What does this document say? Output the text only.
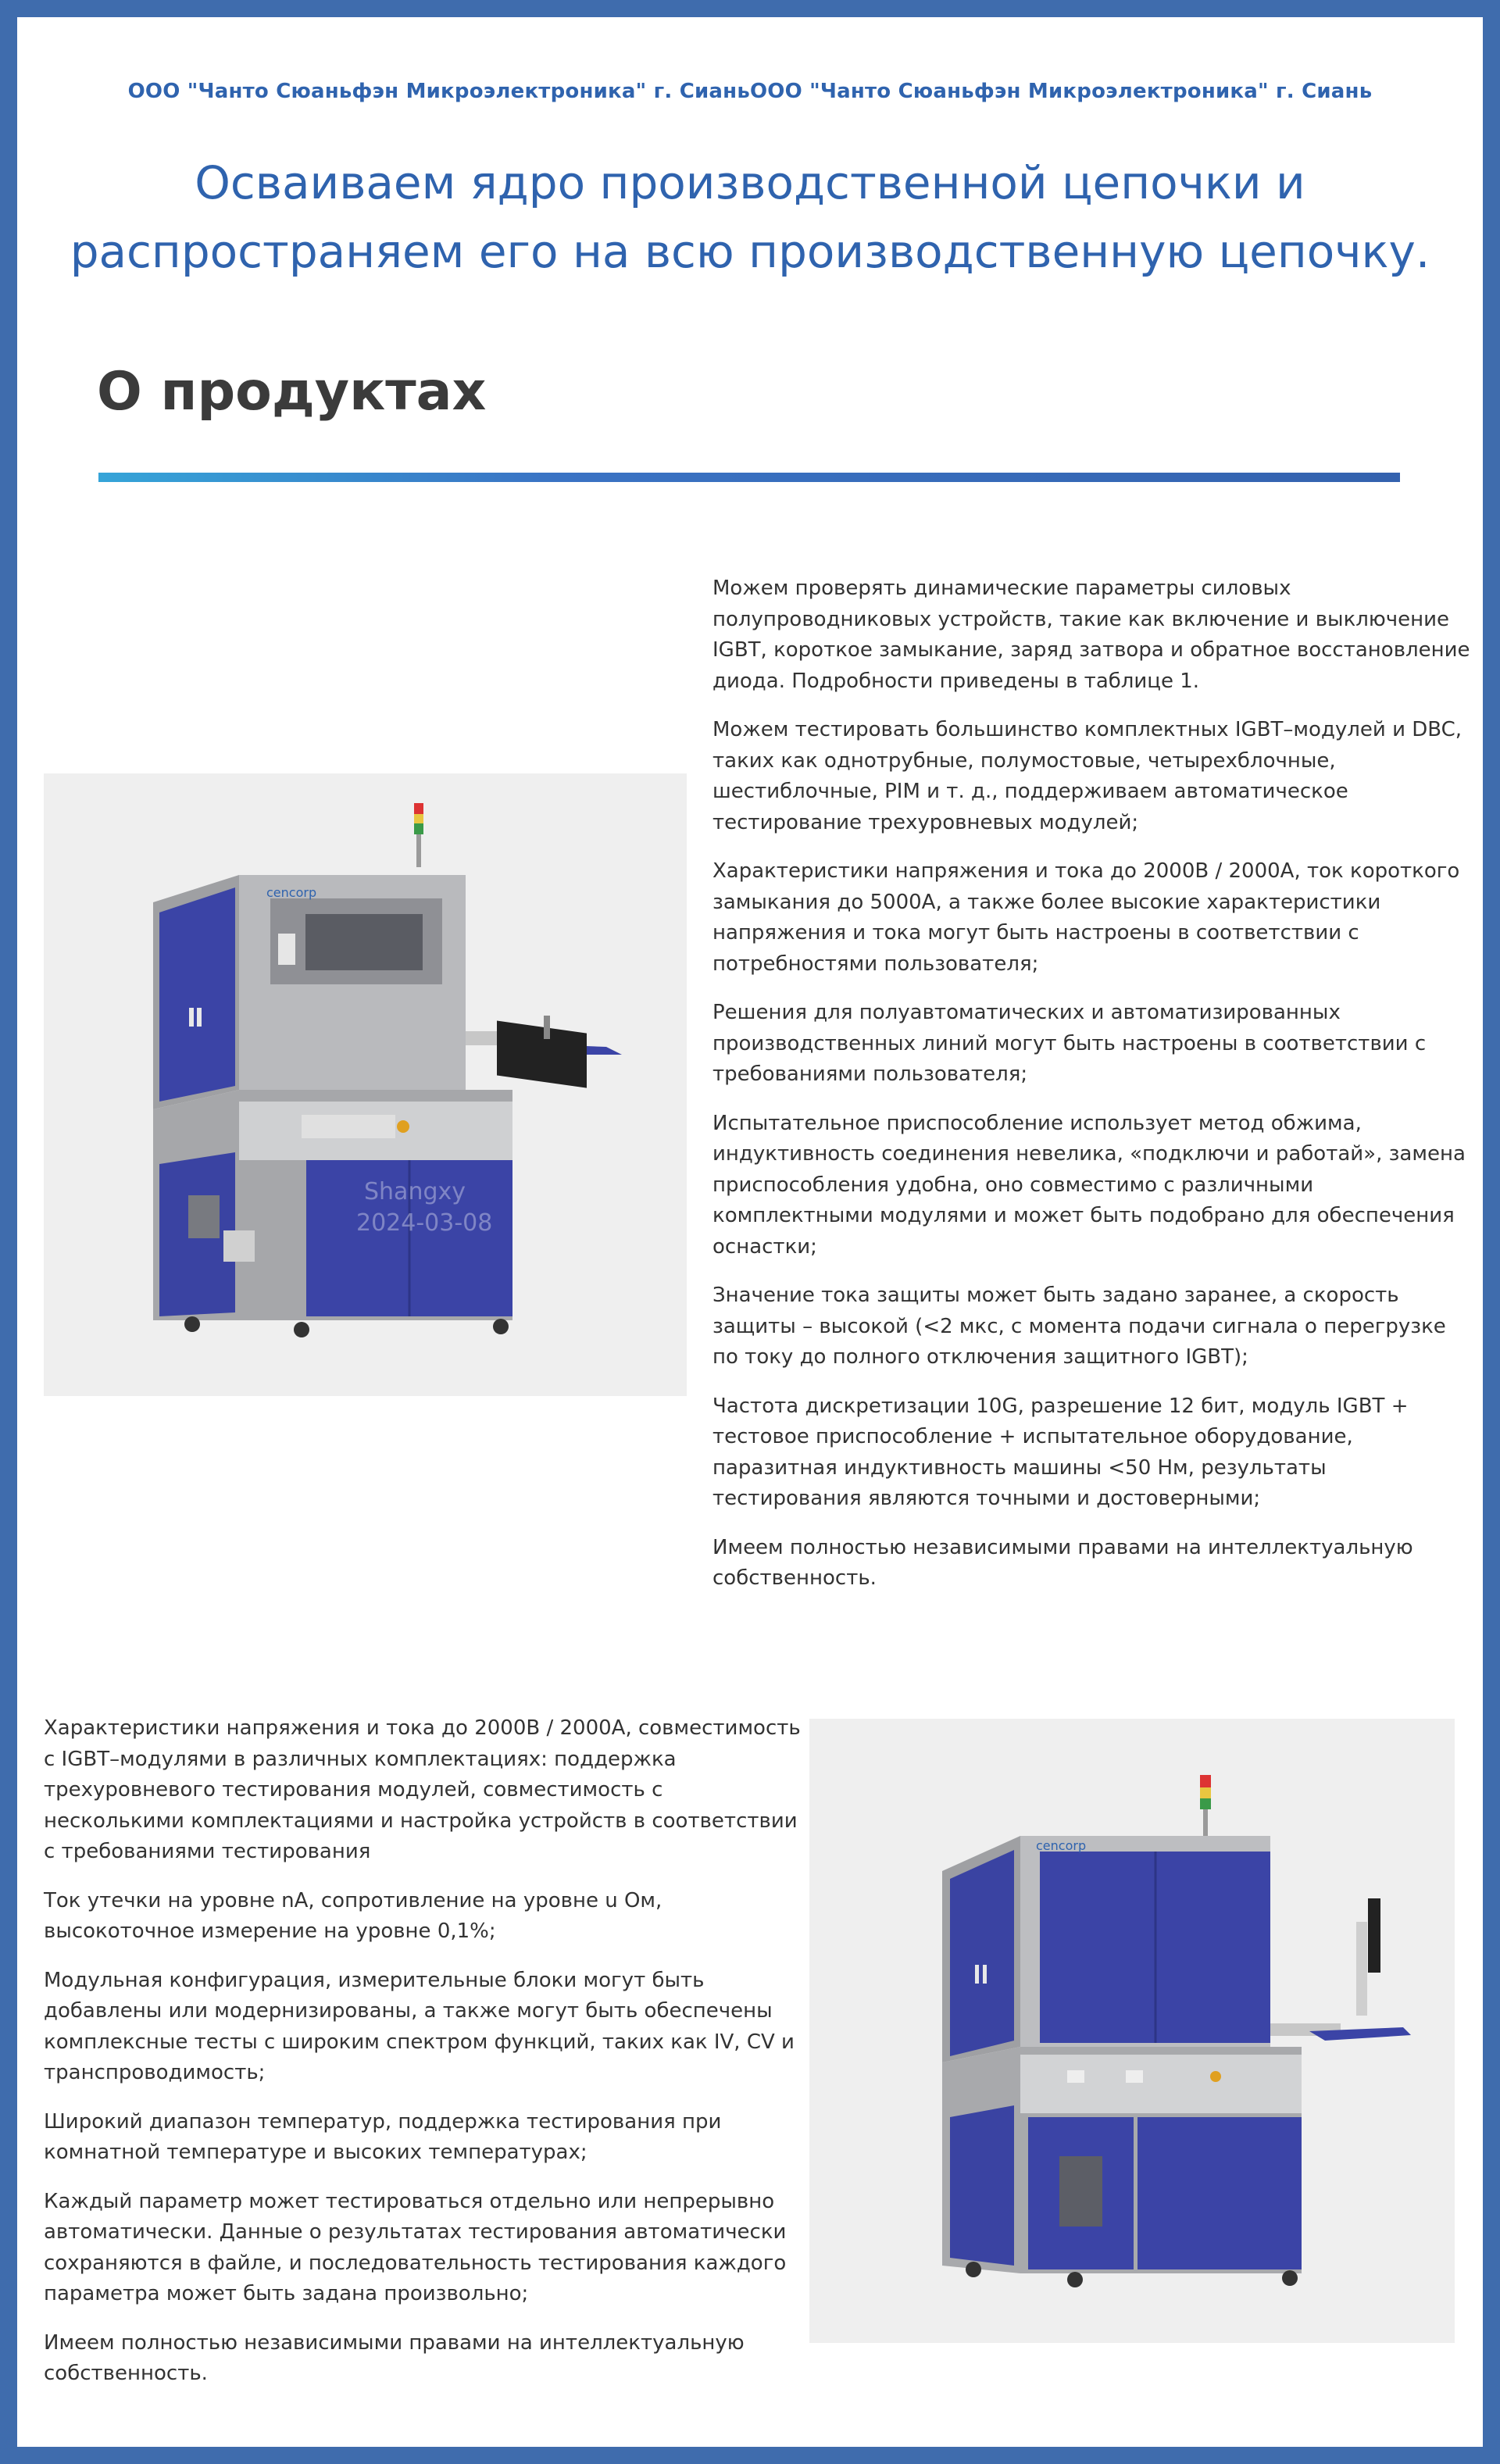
ООО "Чанто Сюаньфэн Микроэлектроника" г. СианьООО "Чанто Сюаньфэн Микроэлектроника" г. Сиань
Осваиваем ядро производственной цепочки и
распространяем его на всю производственную цепочку.
О продуктах
Shangxy
2024-03-08
cencorp

Можем проверять динамические параметры силовых полупроводниковых устройств, такие как включение и выключение IGBT, короткое замыкание, заряд затвора и обратное восстановление диода. Подробности приведены в таблице 1.

Можем тестировать большинство комплектных IGBT–модулей и DBC, таких как однотрубные, полумостовые, четырехблочные, шестиблочные, PIM и т. д., поддерживаем автоматическое тестирование трехуровневых модулей;

Характеристики напряжения и тока до 2000В / 2000А, ток короткого замыкания до 5000А, а также более высокие характеристики напряжения и тока могут быть настроены в соответствии с потребностями пользователя;

Решения для полуавтоматических и автоматизированных производственных линий могут быть настроены в соответствии с требованиями пользователя;

Испытательное приспособление использует метод обжима, индуктивность соединения невелика, «подключи и работай», замена приспособления удобна, оно совместимо с различными комплектными модулями и может быть подобрано для обеспечения оснастки;

Значение тока защиты может быть задано заранее, а скорость защиты – высокой (<2 мкс, с момента подачи сигнала о перегрузке по току до полного отключения защитного IGBT);

Частота дискретизации 10G, разрешение 12 бит, модуль IGBT + тестовое приспособление + испытательное оборудование, паразитная индуктивность машины <50 Нм, результаты тестирования являются точными и достоверными;

Имеем полностью независимыми правами на интеллектуальную собственность.

Характеристики напряжения и тока до 2000В / 2000А, совместимость с IGBT–модулями в различных комплектациях: поддержка трехуровневого тестирования модулей, совместимость с несколькими комплектациями и настройка устройств в соответствии с требованиями тестирования

Ток утечки на уровне nA, сопротивление на уровне u Ом, высокоточное измерение на уровне 0,1%;

Модульная конфигурация, измерительные блоки могут быть добавлены или модернизированы, а также могут быть обеспечены комплексные тесты с широким спектром функций, таких как IV, CV и транспроводимость;

Широкий диапазон температур, поддержка тестирования при комнатной температуре и высоких температурах;

Каждый параметр может тестироваться отдельно или непрерывно автоматически. Данные о результатах тестирования автоматически сохраняются в файле, и последовательность тестирования каждого параметра может быть задана произвольно;

Имеем полностью независимыми правами на интеллектуальную собственность.

cencorp
